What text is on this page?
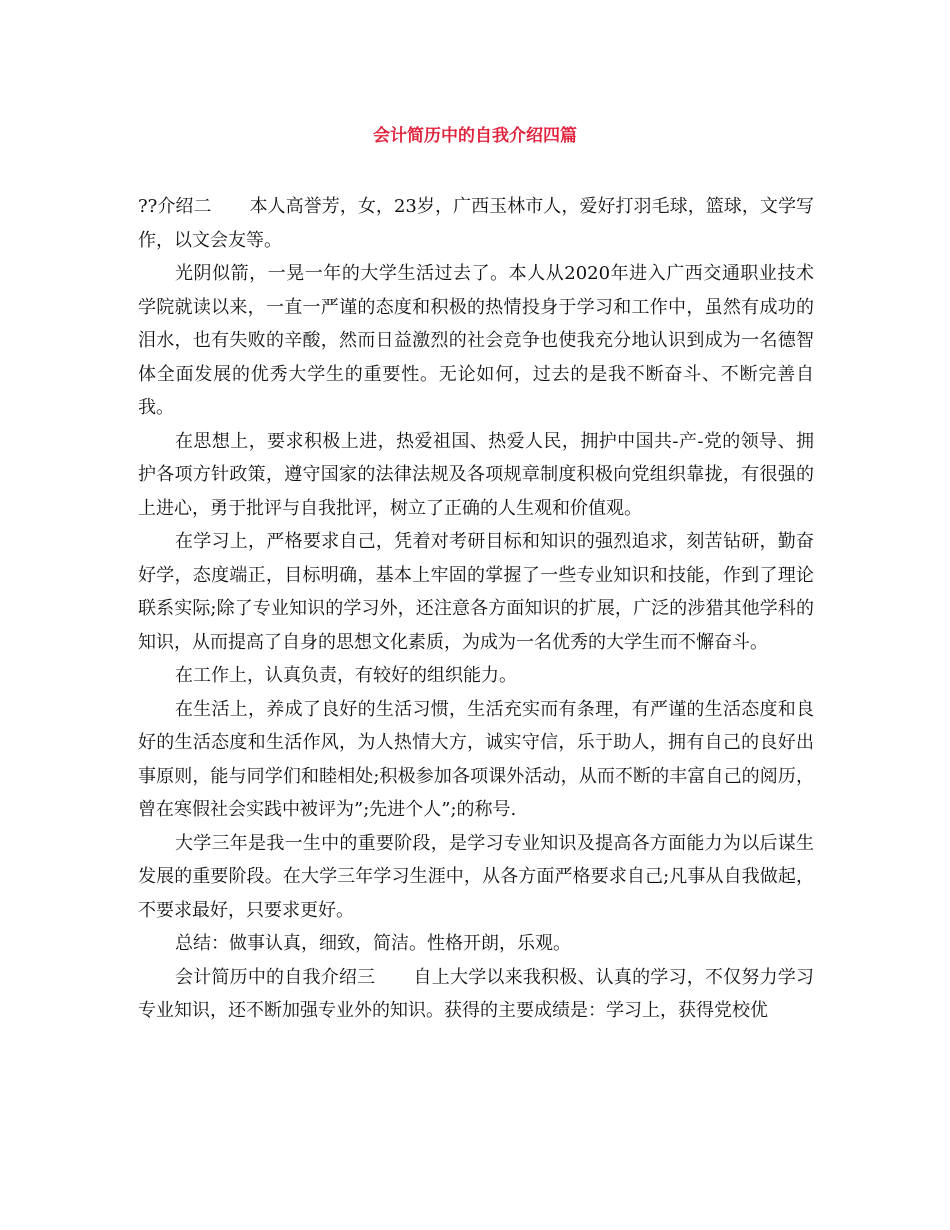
会计简历中的自我介绍四篇

??介绍二 本人高誉芳，女，23岁，广西玉林市人，爱好打羽毛球，篮球，文学写作，以文会友等。

光阴似箭，一晃一年的大学生活过去了。本人从2020年进入广西交通职业技术学院就读以来，一直一严谨的态度和积极的热情投身于学习和工作中，虽然有成功的泪水，也有失败的辛酸，然而日益激烈的社会竞争也使我充分地认识到成为一名德智体全面发展的优秀大学生的重要性。无论如何，过去的是我不断奋斗、不断完善自我。

在思想上，要求积极上进，热爱祖国、热爱人民，拥护中国共-产-党的领导、拥护各项方针政策，遵守国家的法律法规及各项规章制度积极向党组织靠拢，有很强的上进心，勇于批评与自我批评，树立了正确的人生观和价值观。

在学习上，严格要求自己，凭着对考研目标和知识的强烈追求，刻苦钻研，勤奋好学，态度端正，目标明确，基本上牢固的掌握了一些专业知识和技能，作到了理论联系实际;除了专业知识的学习外，还注意各方面知识的扩展，广泛的涉猎其他学科的知识，从而提高了自身的思想文化素质，为成为一名优秀的大学生而不懈奋斗。

在工作上，认真负责，有较好的组织能力。

在生活上，养成了良好的生活习惯，生活充实而有条理，有严谨的生活态度和良好的生活态度和生活作风，为人热情大方，诚实守信，乐于助人，拥有自己的良好出事原则，能与同学们和睦相处;积极参加各项课外活动，从而不断的丰富自己的阅历，曾在寒假社会实践中被评为”;先进个人”;的称号.

大学三年是我一生中的重要阶段，是学习专业知识及提高各方面能力为以后谋生发展的重要阶段。在大学三年学习生涯中，从各方面严格要求自己;凡事从自我做起，不要求最好，只要求更好。

总结：做事认真，细致，简洁。性格开朗，乐观。

会计简历中的自我介绍三 自上大学以来我积极、认真的学习，不仅努力学习专业知识，还不断加强专业外的知识。获得的主要成绩是：学习上，获得党校优
